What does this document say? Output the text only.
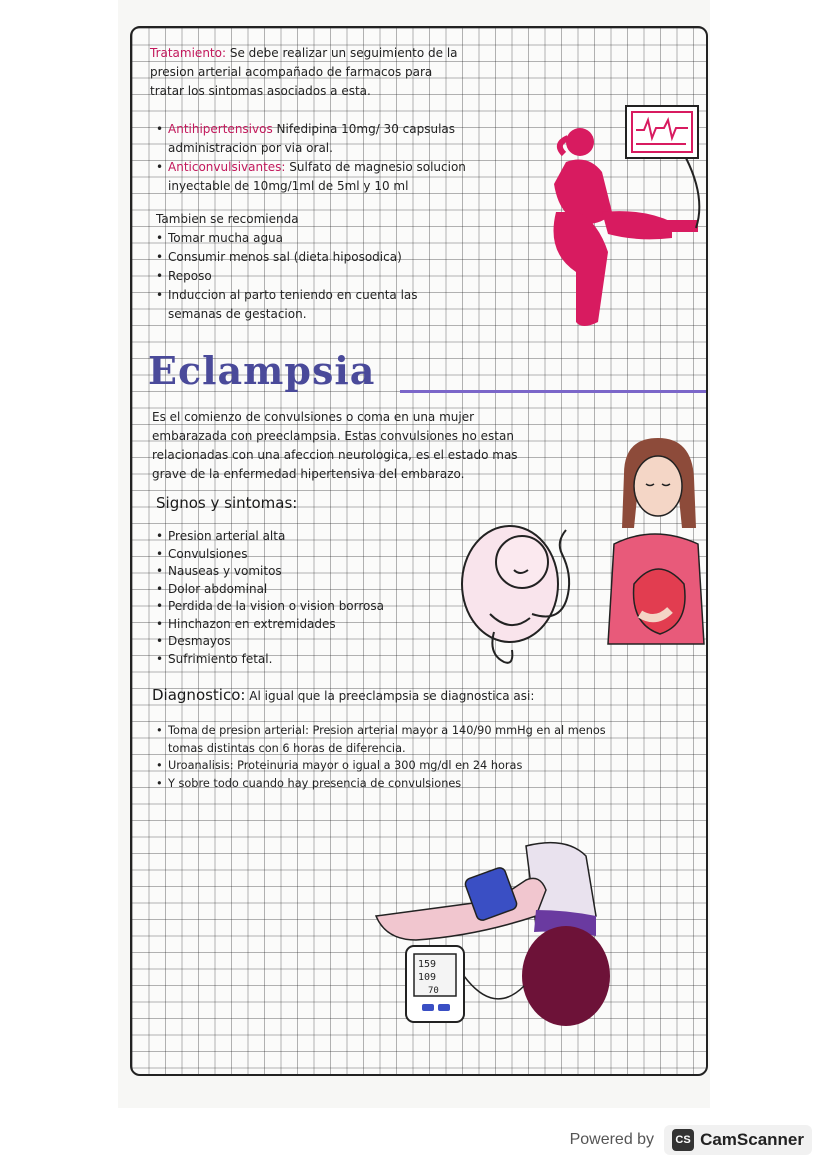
Tratamiento: Se debe realizar un seguimiento de la
presion arterial acompañado de farmacos para
tratar los sintomas asociados a esta.
• Antihipertensivos Nifedipina 10mg/ 30 capsulas
administracion por via oral.
• Anticonvulsivantes: Sulfato de magnesio solucion
inyectable de 10mg/1ml de 5ml y 10 ml
Tambien se recomienda
• Tomar mucha agua
• Consumir menos sal (dieta hiposodica)
• Reposo
• Induccion al parto teniendo en cuenta las
semanas de gestacion.
Eclampsia
Es el comienzo de convulsiones o coma en una mujer
embarazada con preeclampsia. Estas convulsiones no estan
relacionadas con una afeccion neurologica, es el estado mas
grave de la enfermedad hipertensiva del embarazo.
Signos y sintomas:
• Presion arterial alta
• Convulsiones
• Nauseas y vomitos
• Dolor abdominal
• Perdida de la vision o vision borrosa
• Hinchazon en extremidades
• Desmayos
• Sufrimiento fetal.
Diagnostico: Al igual que la preeclampsia se diagnostica asi:
• Toma de presion arterial: Presion arterial mayor a 140/90 mmHg en al menos
tomas distintas con 6 horas de diferencia.
• Uroanalisis: Proteinuria mayor o igual a 300 mg/dl en 24 horas
• Y sobre todo cuando hay presencia de convulsiones
159
109
70
Powered by	CS CamScanner
